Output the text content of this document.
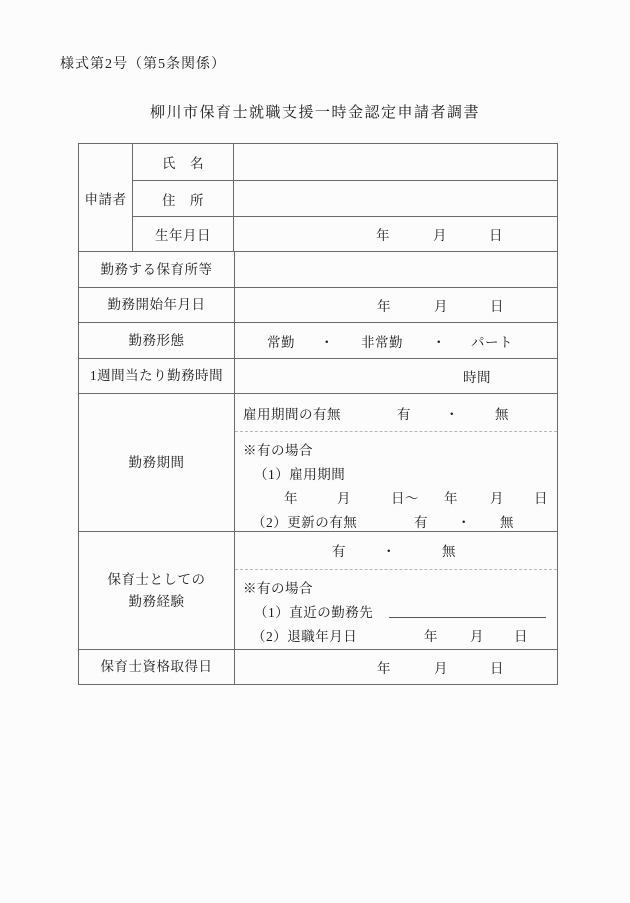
様式第2号（第5条関係）
柳川市保育士就職支援一時金認定申請者調書
申請者
氏　名
住　所
生年月日	年	月	日
勤務する保育所等
勤務開始年月日	年	月	日
勤務形態	常勤 ・ 非常勤 ・ パート
1週間当たり勤務時間	時間
勤務期間
雇用期間の有無	有	・	無
※有の場合
（1）雇用期間
年	月	日～ 年 月 日
（2）更新の有無	有 ・ 無
保育士としての
勤務経験
有	・	無
※有の場合
（1）直近の勤務先
（2）退職年月日	年 月 日
保育士資格取得日	年	月	日
